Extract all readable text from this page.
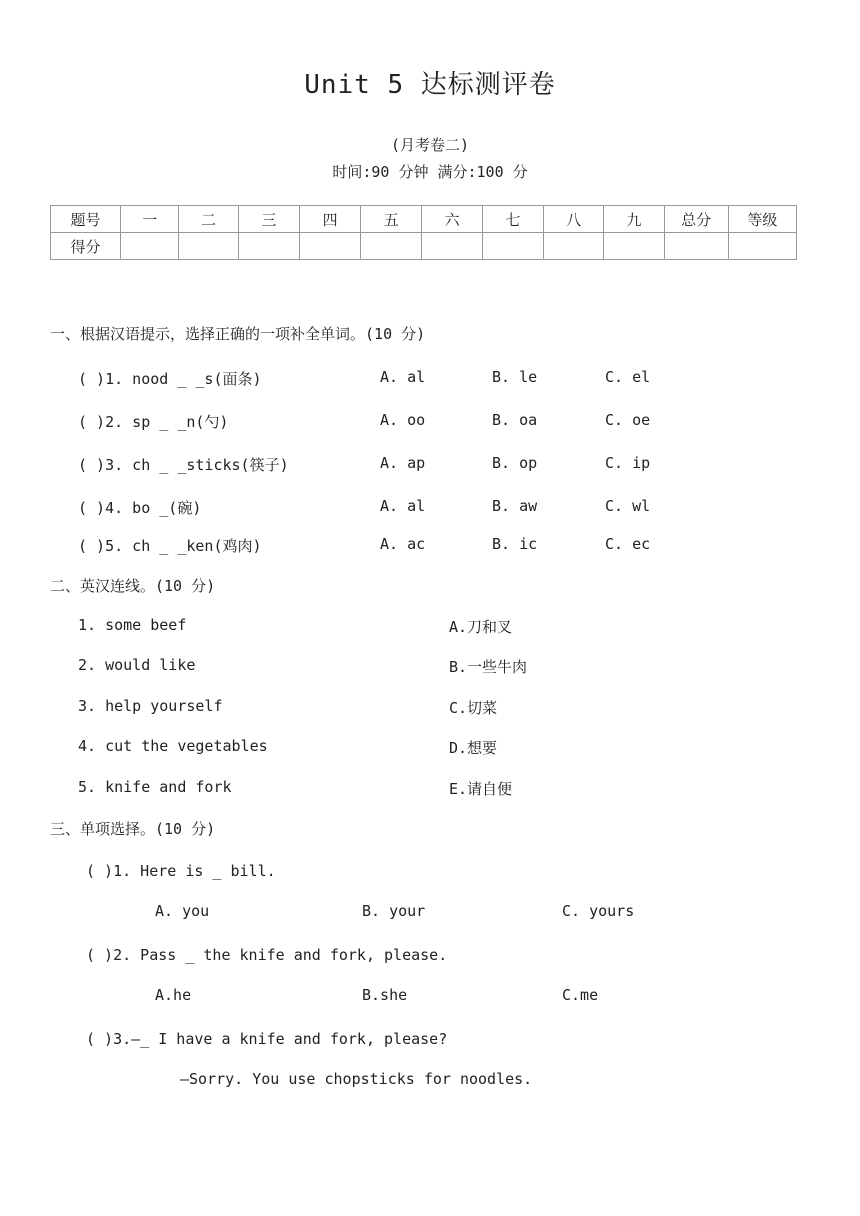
Unit 5 达标测评卷
(月考卷二)
时间:90 分钟 满分:100 分
题号	一	二	三	四	五	六	七	八	九	总分	等级
得分											
一、根据汉语提示，选择正确的一项补全单词。(10 分)
( )1. nood _ _s(面条)	A. al	B. le	C. el
( )2. sp _ _n(勺)	A. oo	B. oa	C. oe
( )3. ch _ _sticks(筷子)	A. ap	B. op	C. ip
( )4. bo _(碗)	A. al	B. aw	C. wl
( )5. ch _ _ken(鸡肉)	A. ac	B. ic	C. ec
二、英汉连线。(10 分)
1. some beef	A.刀和叉
2. would like	B.一些牛肉
3. help yourself	C.切菜
4. cut the vegetables	D.想要
5. knife and fork	E.请自便
三、单项选择。(10 分)
( )1. Here is _ bill.
A. you	B. your	C. yours
( )2. Pass _ the knife and fork, please.
A.he	B.she	C.me
( )3.—_ I have a knife and fork, please?
—Sorry. You use chopsticks for noodles.
